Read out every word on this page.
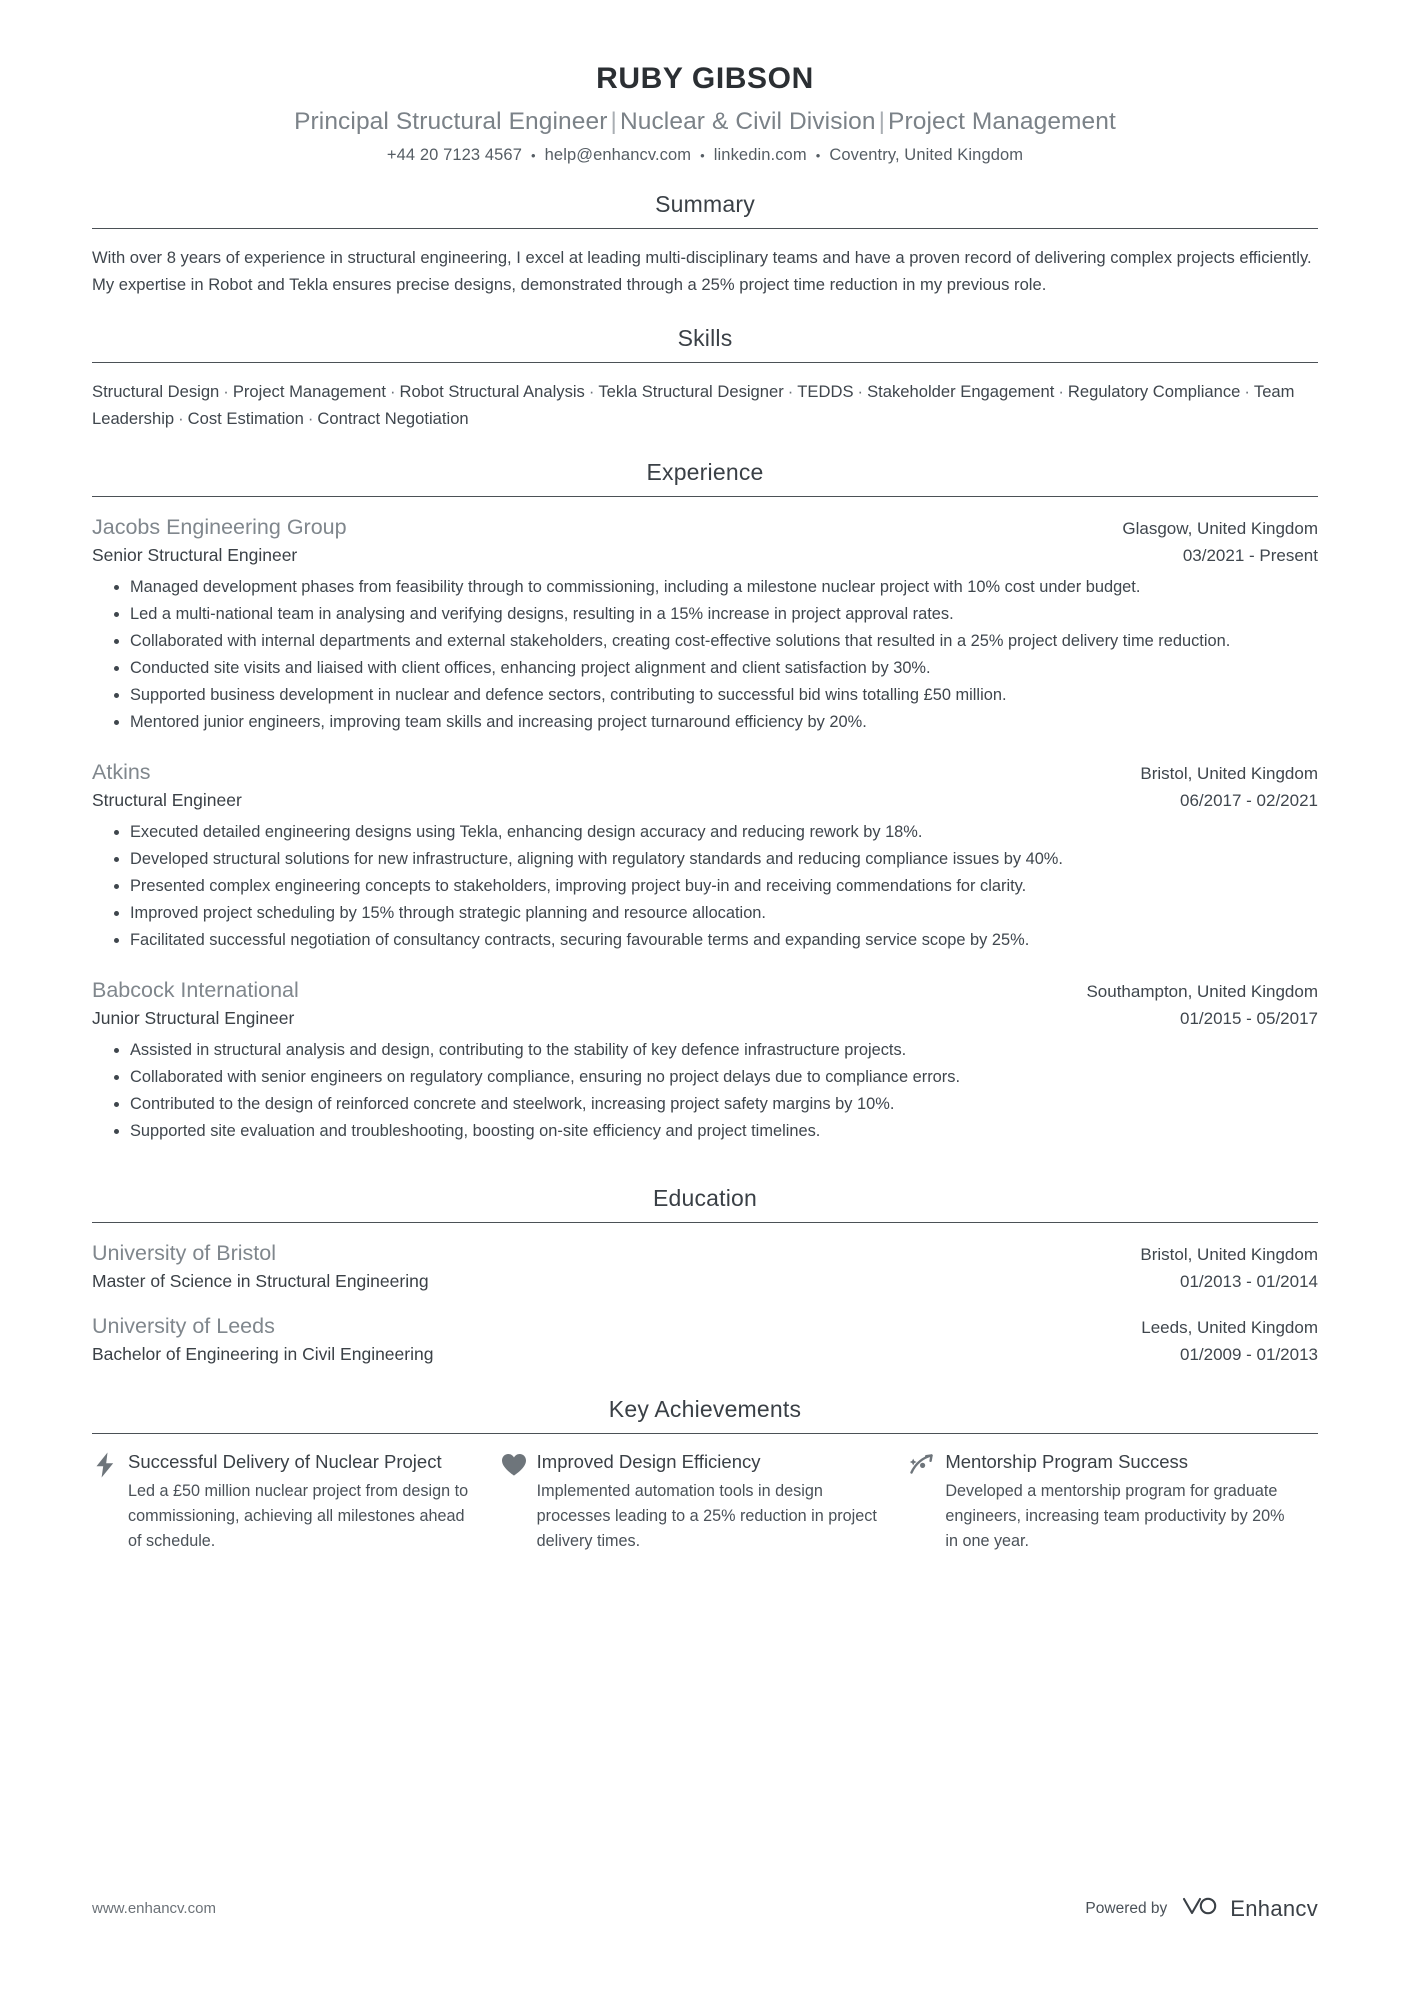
RUBY GIBSON
Principal Structural Engineer | Nuclear & Civil Division | Project Management
+44 20 7123 4567 • help@enhancv.com • linkedin.com • Coventry, United Kingdom
Summary
With over 8 years of experience in structural engineering, I excel at leading multi-disciplinary teams and have a proven record of delivering complex projects efficiently. My expertise in Robot and Tekla ensures precise designs, demonstrated through a 25% project time reduction in my previous role.
Skills
Structural Design · Project Management · Robot Structural Analysis · Tekla Structural Designer · TEDDS · Stakeholder Engagement · Regulatory Compliance · Team Leadership · Cost Estimation · Contract Negotiation
Experience
Jacobs Engineering Group	Glasgow, United Kingdom
Senior Structural Engineer	03/2021 - Present
Managed development phases from feasibility through to commissioning, including a milestone nuclear project with 10% cost under budget.
Led a multi-national team in analysing and verifying designs, resulting in a 15% increase in project approval rates.
Collaborated with internal departments and external stakeholders, creating cost-effective solutions that resulted in a 25% project delivery time reduction.
Conducted site visits and liaised with client offices, enhancing project alignment and client satisfaction by 30%.
Supported business development in nuclear and defence sectors, contributing to successful bid wins totalling £50 million.
Mentored junior engineers, improving team skills and increasing project turnaround efficiency by 20%.
Atkins	Bristol, United Kingdom
Structural Engineer	06/2017 - 02/2021
Executed detailed engineering designs using Tekla, enhancing design accuracy and reducing rework by 18%.
Developed structural solutions for new infrastructure, aligning with regulatory standards and reducing compliance issues by 40%.
Presented complex engineering concepts to stakeholders, improving project buy-in and receiving commendations for clarity.
Improved project scheduling by 15% through strategic planning and resource allocation.
Facilitated successful negotiation of consultancy contracts, securing favourable terms and expanding service scope by 25%.
Babcock International	Southampton, United Kingdom
Junior Structural Engineer	01/2015 - 05/2017
Assisted in structural analysis and design, contributing to the stability of key defence infrastructure projects.
Collaborated with senior engineers on regulatory compliance, ensuring no project delays due to compliance errors.
Contributed to the design of reinforced concrete and steelwork, increasing project safety margins by 10%.
Supported site evaluation and troubleshooting, boosting on-site efficiency and project timelines.
Education
University of Bristol	Bristol, United Kingdom
Master of Science in Structural Engineering	01/2013 - 01/2014
University of Leeds	Leeds, United Kingdom
Bachelor of Engineering in Civil Engineering	01/2009 - 01/2013
Key Achievements
Successful Delivery of Nuclear Project
Led a £50 million nuclear project from design to commissioning, achieving all milestones ahead of schedule.
Improved Design Efficiency
Implemented automation tools in design processes leading to a 25% reduction in project delivery times.
Mentorship Program Success
Developed a mentorship program for graduate engineers, increasing team productivity by 20% in one year.
www.enhancv.com	Powered by	Enhancv
